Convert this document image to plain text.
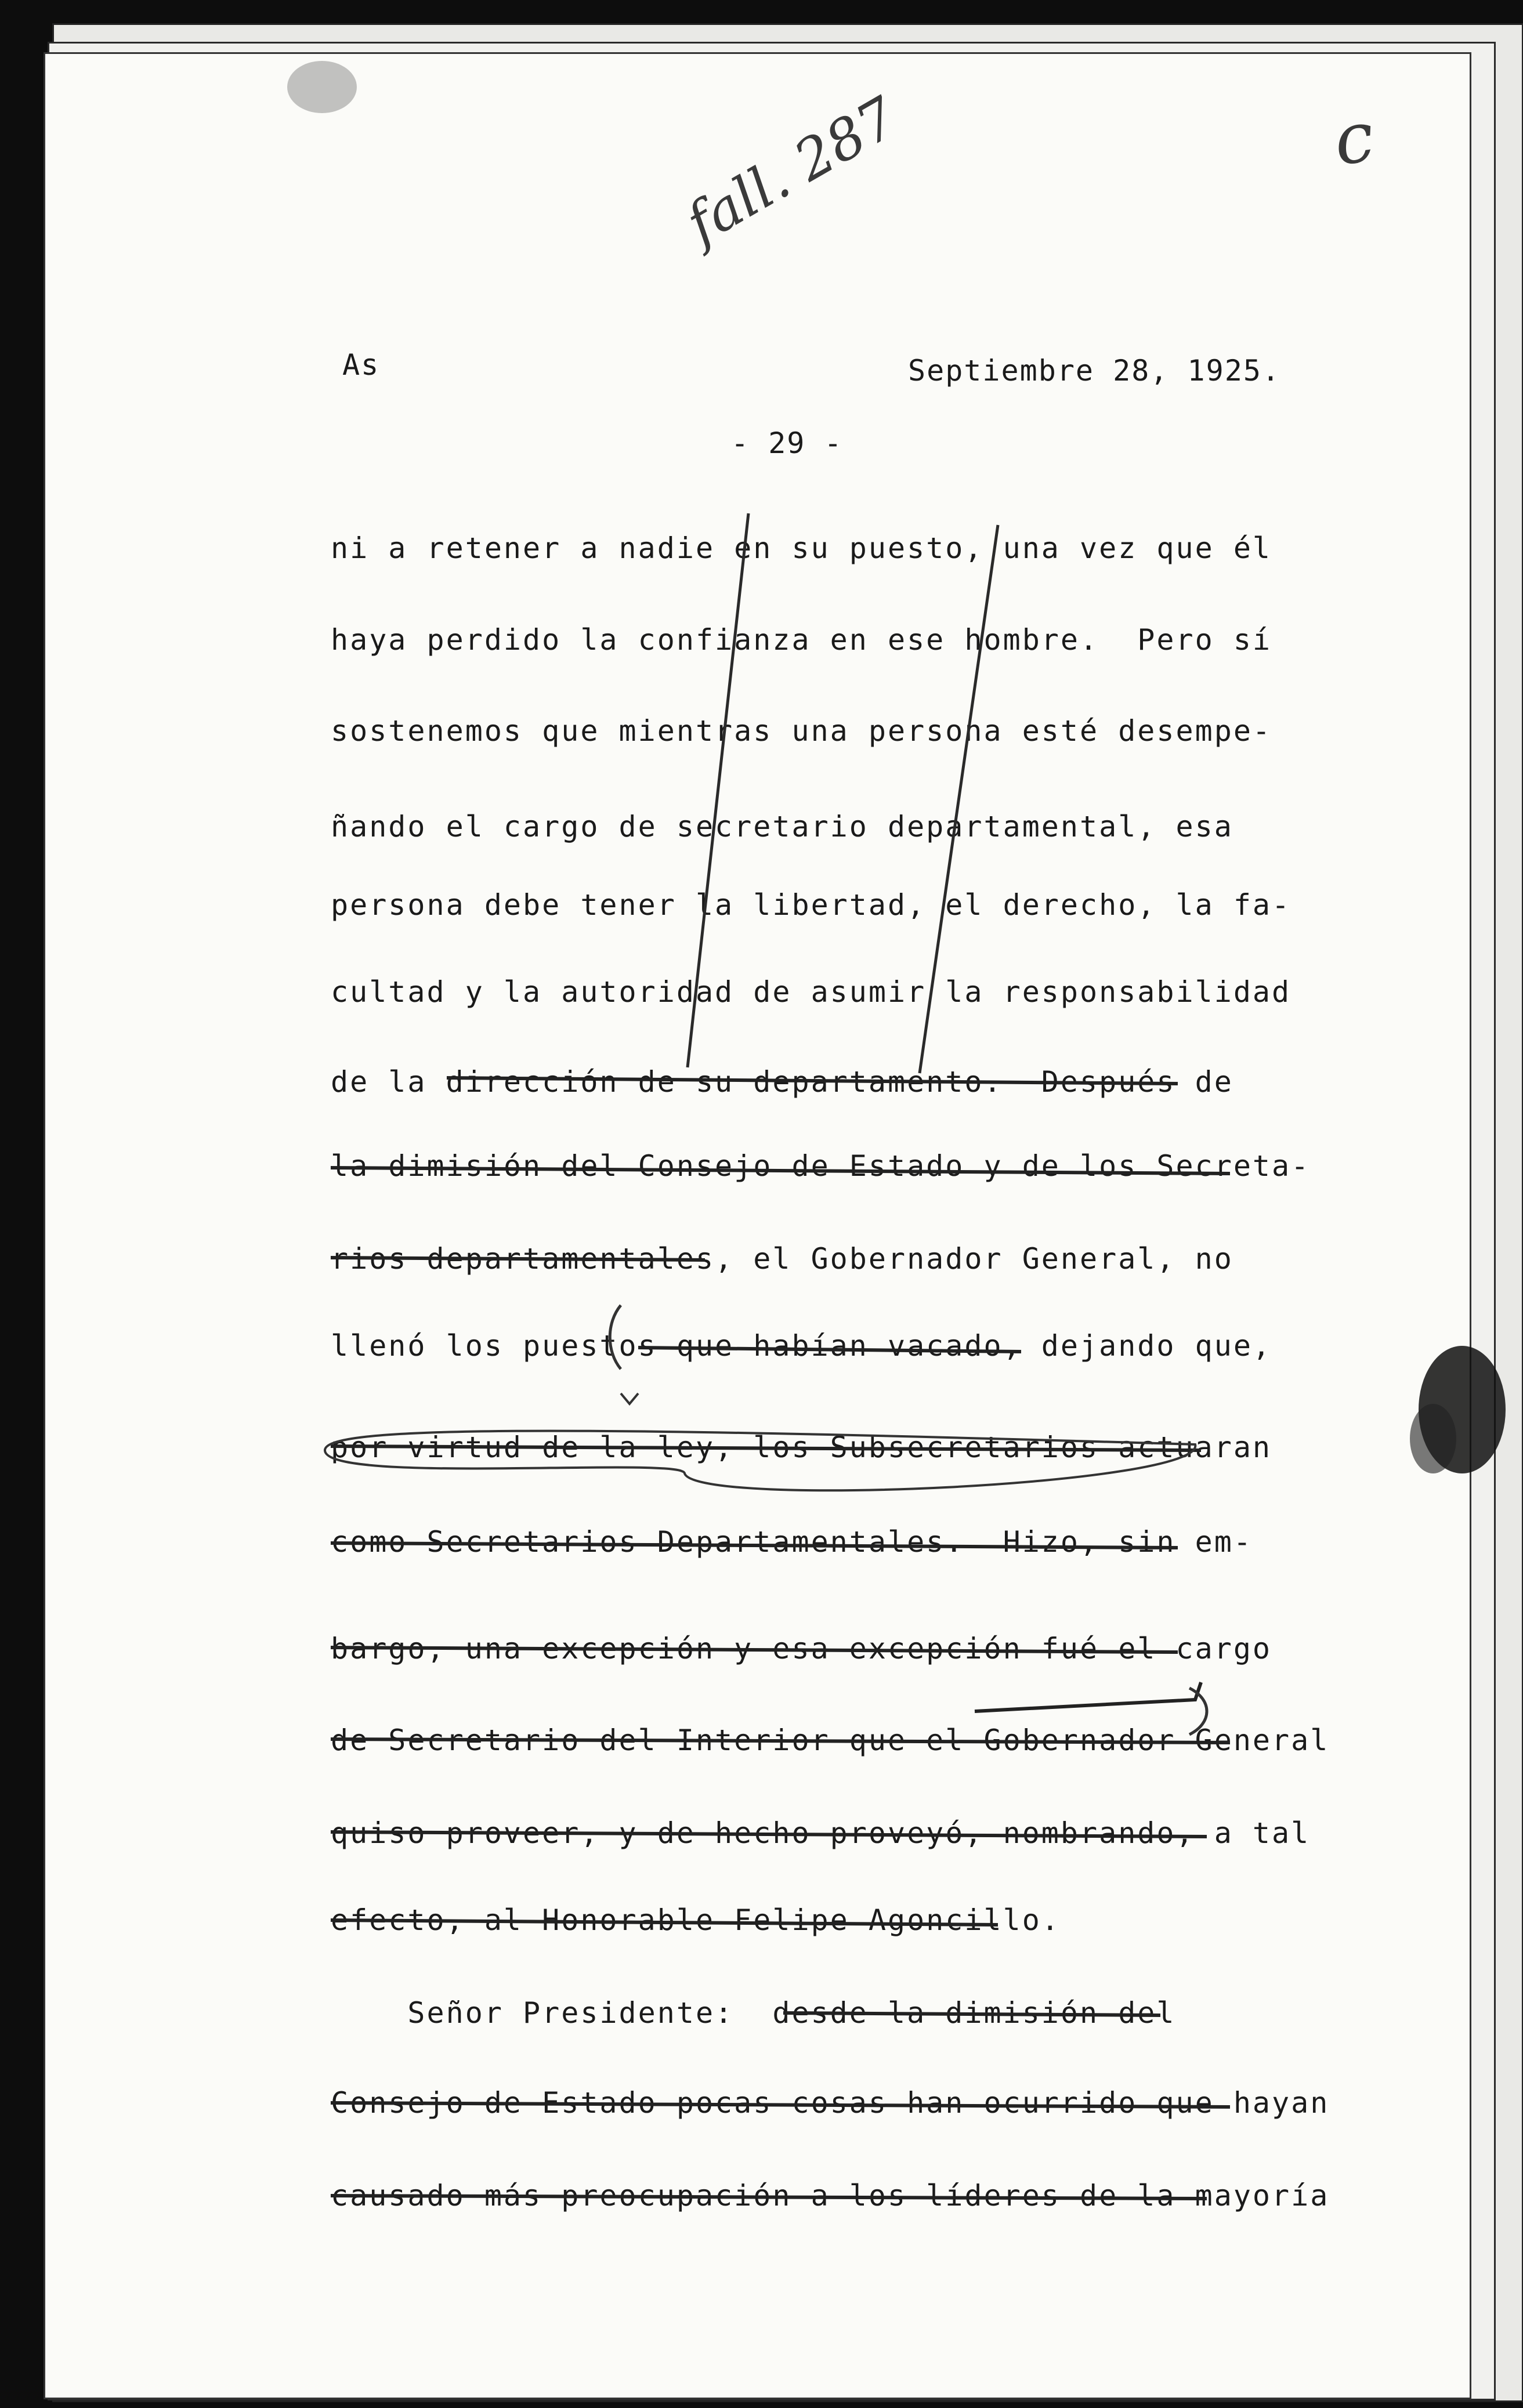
c
fall. 287
As	Septiembre 28, 1925.
- 29 -
ni a retener a nadie en su puesto, una vez que él
haya perdido la confianza en ese hombre.  Pero sí
sostenemos que mientras una persona esté desempe-
ñando el cargo de secretario departamental, esa
persona debe tener la libertad, el derecho, la fa-
cultad y la autoridad de asumir la responsabilidad
de la dirección de su departamento.  Después de
la dimisión del Consejo de Estado y de los Secreta-
rios departamentales, el Gobernador General, no
llenó los puestos que habían vacado, dejando que,
por virtud de la ley, los Subsecretarios actuaran
como Secretarios Departamentales.  Hizo, sin em-
bargo, una excepción y esa excepción fué el cargo
de Secretario del Interior que el Gobernador General
quiso proveer, y de hecho proveyó, nombrando, a tal
efecto, al Honorable Felipe Agoncillo.
Señor Presidente:  desde la dimisión del
Consejo de Estado pocas cosas han ocurrido que hayan
causado más preocupación a los líderes de la mayoría
